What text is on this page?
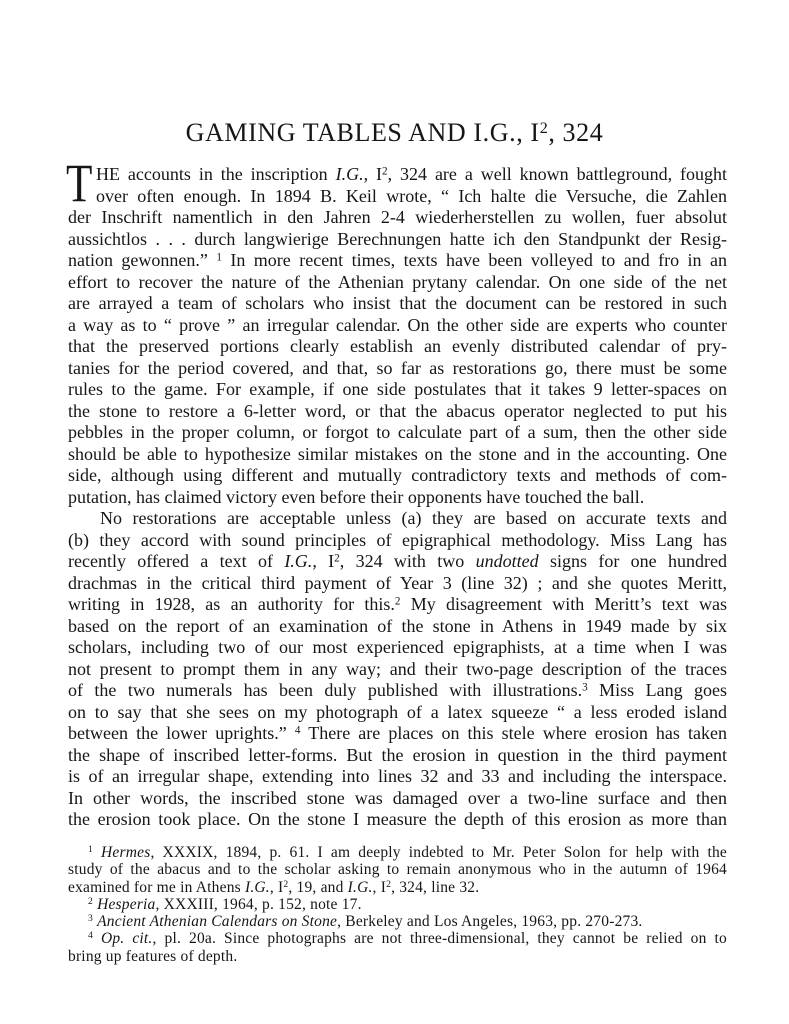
GAMING TABLES AND I.G., $I^2$, 324
T HE accounts in the inscription I.G., $I^2$, 324 are a well known battleground, fought
over often enough. In 1894 B. Keil wrote, “ Ich halte die Versuche, die Zahlen
der Inschrift namentlich in den Jahren 2-4 wiederherstellen zu wollen, fuer absolut
aussichtlos . . . durch langwierige Berechnungen hatte ich den Standpunkt der Resig-
nation gewonnen.” $^1$ In more recent times, texts have been volleyed to and fro in an
effort to recover the nature of the Athenian prytany calendar. On one side of the net
are arrayed a team of scholars who insist that the document can be restored in such
a way as to “ prove ” an irregular calendar. On the other side are experts who counter
that the preserved portions clearly establish an evenly distributed calendar of pry-
tanies for the period covered, and that, so far as restorations go, there must be some
rules to the game. For example, if one side postulates that it takes 9 letter-spaces on
the stone to restore a 6-letter word, or that the abacus operator neglected to put his
pebbles in the proper column, or forgot to calculate part of a sum, then the other side
should be able to hypothesize similar mistakes on the stone and in the accounting. One
side, although using different and mutually contradictory texts and methods of com-
putation, has claimed victory even before their opponents have touched the ball.
No restorations are acceptable unless (a) they are based on accurate texts and
(b) they accord with sound principles of epigraphical methodology. Miss Lang has
recently offered a text of I.G., $I^2$, 324 with two undotted signs for one hundred
drachmas in the critical third payment of Year 3 (line 32) ; and she quotes Meritt,
writing in 1928, as an authority for this.$^2$ My disagreement with Meritt’s text was
based on the report of an examination of the stone in Athens in 1949 made by six
scholars, including two of our most experienced epigraphists, at a time when I was
not present to prompt them in any way; and their two-page description of the traces
of the two numerals has been duly published with illustrations.$^3$ Miss Lang goes
on to say that she sees on my photograph of a latex squeeze “ a less eroded island
between the lower uprights.” $^4$ There are places on this stele where erosion has taken
the shape of inscribed letter-forms. But the erosion in question in the third payment
is of an irregular shape, extending into lines 32 and 33 and including the interspace.
In other words, the inscribed stone was damaged over a two-line surface and then
the erosion took place. On the stone I measure the depth of this erosion as more than
$^1$ Hermes, XXXIX, 1894, p. 61. I am deeply indebted to Mr. Peter Solon for help with the
study of the abacus and to the scholar asking to remain anonymous who in the autumn of 1964
examined for me in Athens I.G., $I^2$, 19, and I.G., $I^2$, 324, line 32.
$^2$ Hesperia, XXXIII, 1964, p. 152, note 17.
$^3$ Ancient Athenian Calendars on Stone, Berkeley and Los Angeles, 1963, pp. 270-273.
$^4$ Op. cit., pl. 20a. Since photographs are not three-dimensional, they cannot be relied on to
bring up features of depth.
